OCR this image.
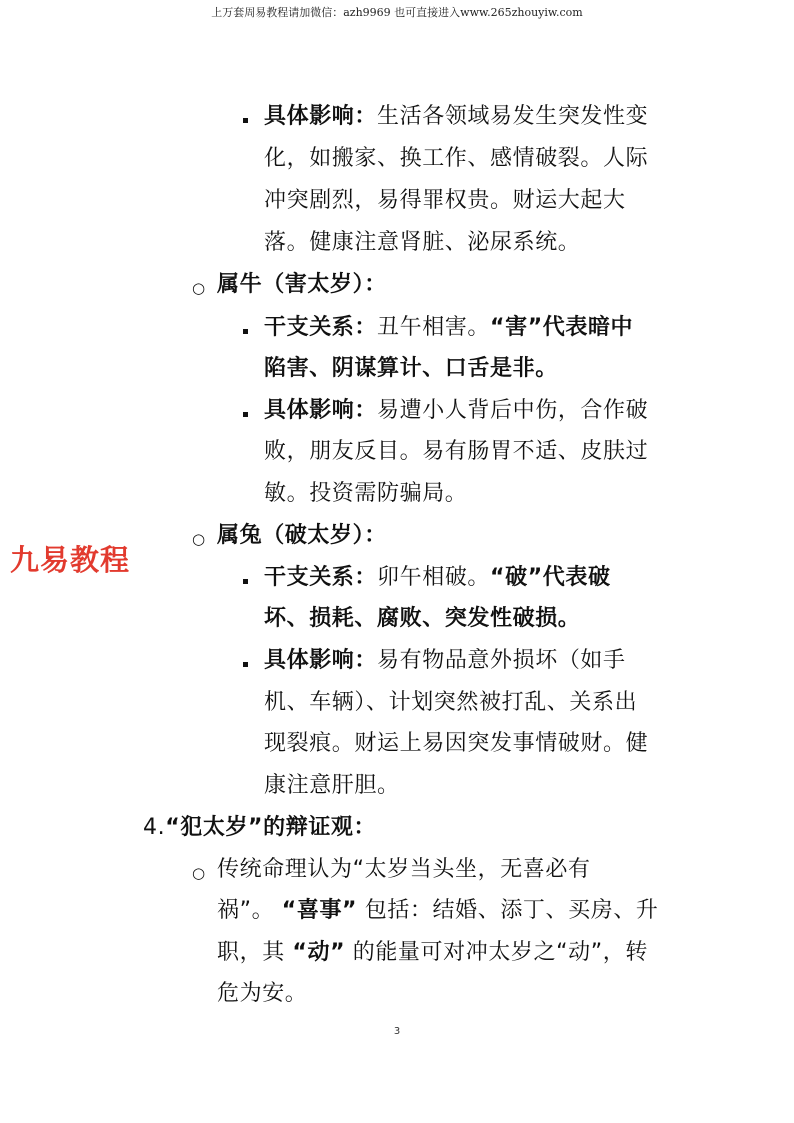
上万套周易教程请加微信：azh9969 也可直接进入www.265zhouyiw.com
九易教程
具体影响：生活各领域易发生突发性变
化，如搬家、换工作、感情破裂。人际
冲突剧烈，易得罪权贵。财运大起大
落。健康注意肾脏、泌尿系统。
○ 属牛（害太岁）：
干支关系：丑午相害。“害”代表暗中
陷害、阴谋算计、口舌是非。
具体影响：易遭小人背后中伤，合作破
败，朋友反目。易有肠胃不适、皮肤过
敏。投资需防骗局。
○ 属兔（破太岁）：
干支关系：卯午相破。“破”代表破
坏、损耗、腐败、突发性破损。
具体影响：易有物品意外损坏（如手
机、车辆）、计划突然被打乱、关系出
现裂痕。财运上易因突发事情破财。健
康注意肝胆。
4.“犯太岁”的辩证观：
○ 传统命理认为“太岁当头坐，无喜必有
祸”。 “喜事” 包括：结婚、添丁、买房、升
职，其 “动” 的能量可对冲太岁之“动”，转
危为安。
3
